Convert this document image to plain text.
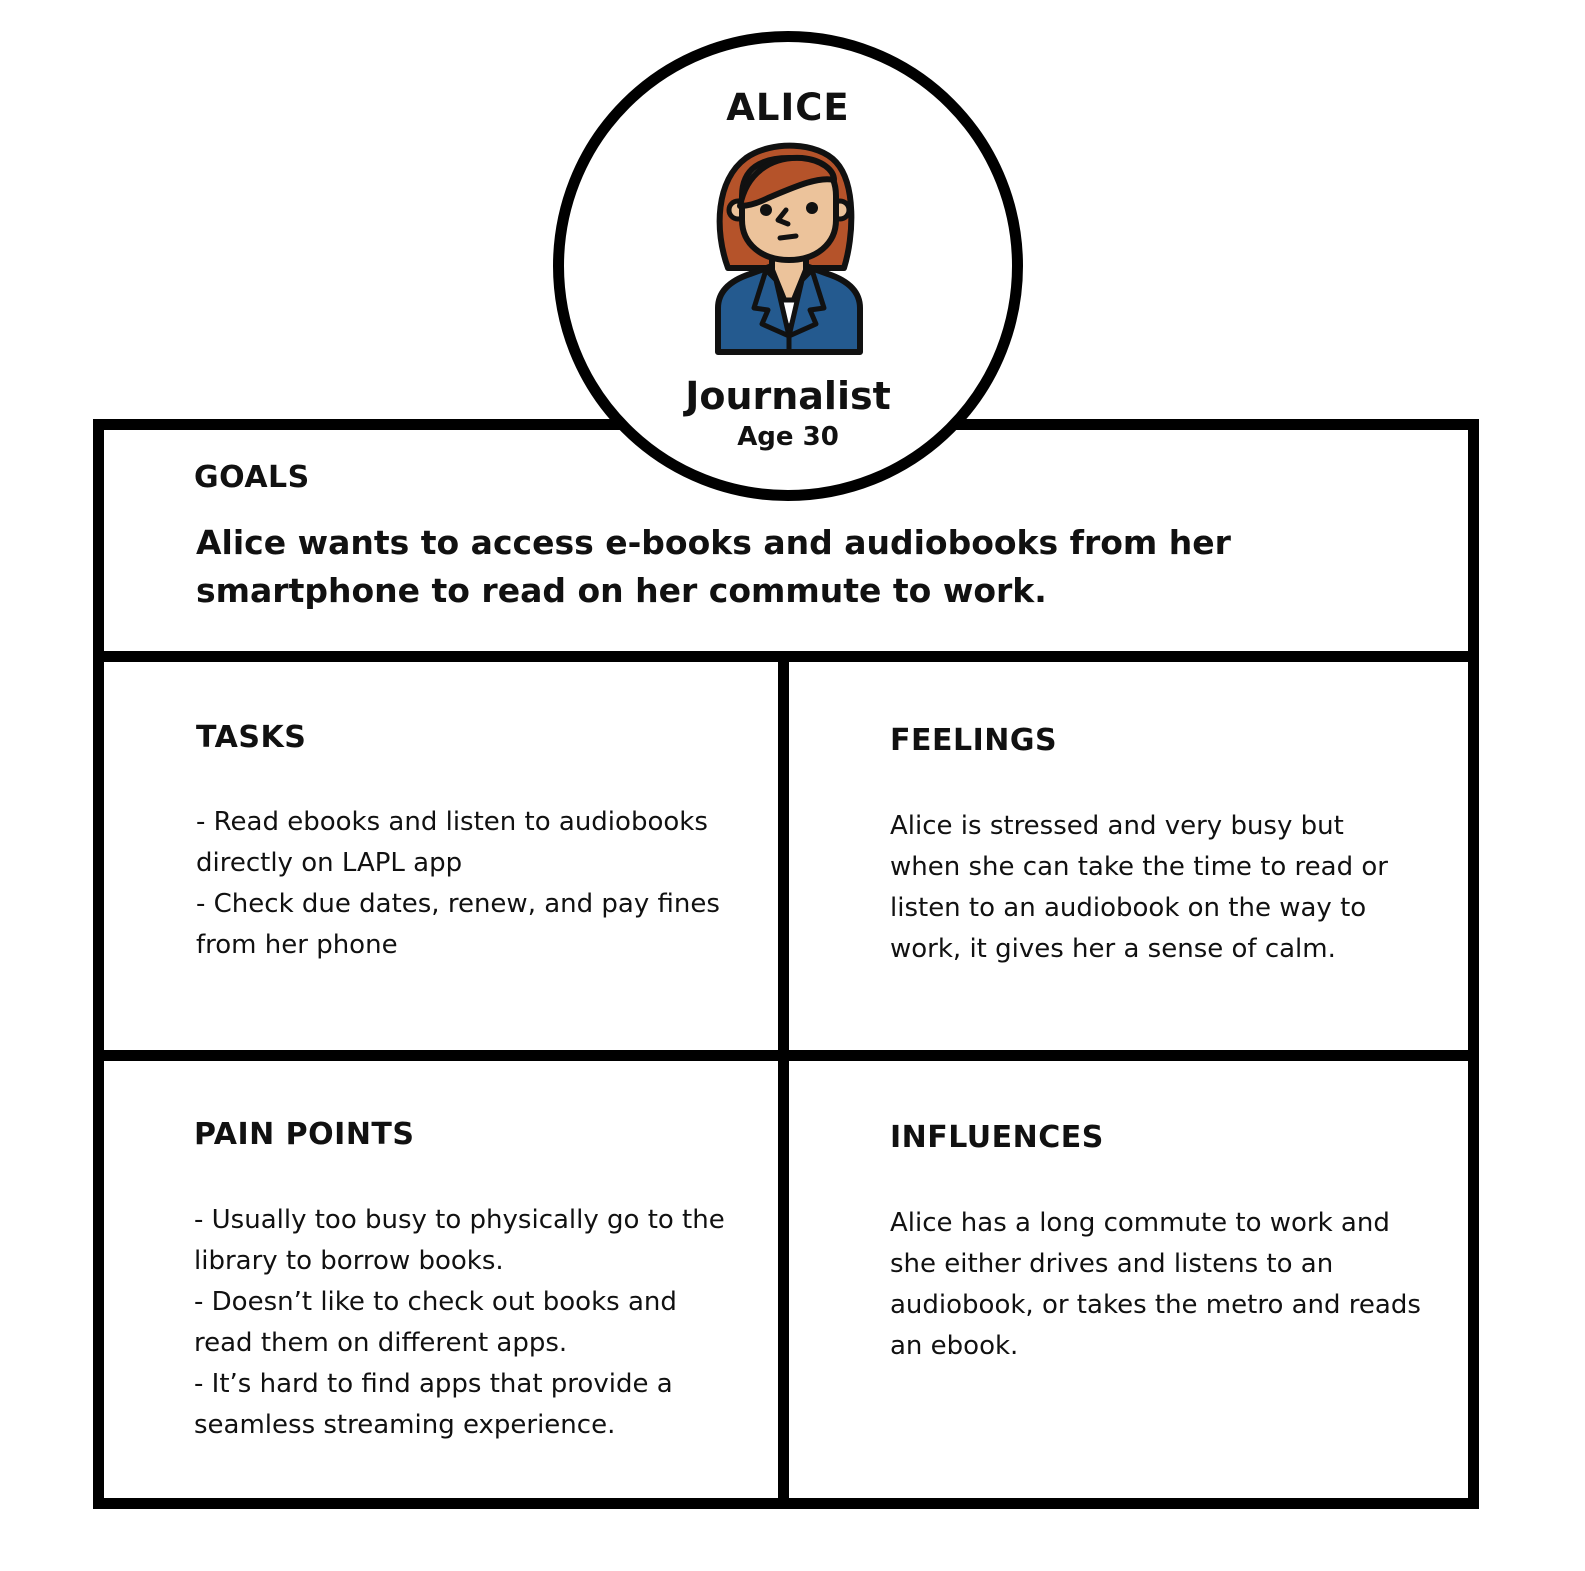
ALICE
Journalist
Age 30
GOALS
Alice wants to access e-books and audiobooks from her smartphone to read on her commute to work.
TASKS
- Read ebooks and listen to audiobooks directly on LAPL app
- Check due dates, renew, and pay fines from her phone
FEELINGS
Alice is stressed and very busy but when she can take the time to read or listen to an audiobook on the way to work, it gives her a sense of calm.
PAIN POINTS
- Usually too busy to physically go to the library to borrow books.
- Doesn’t like to check out books and read them on different apps.
- It’s hard to find apps that provide a seamless streaming experience.
INFLUENCES
Alice has a long commute to work and she either drives and listens to an audiobook, or takes the metro and reads an ebook.
